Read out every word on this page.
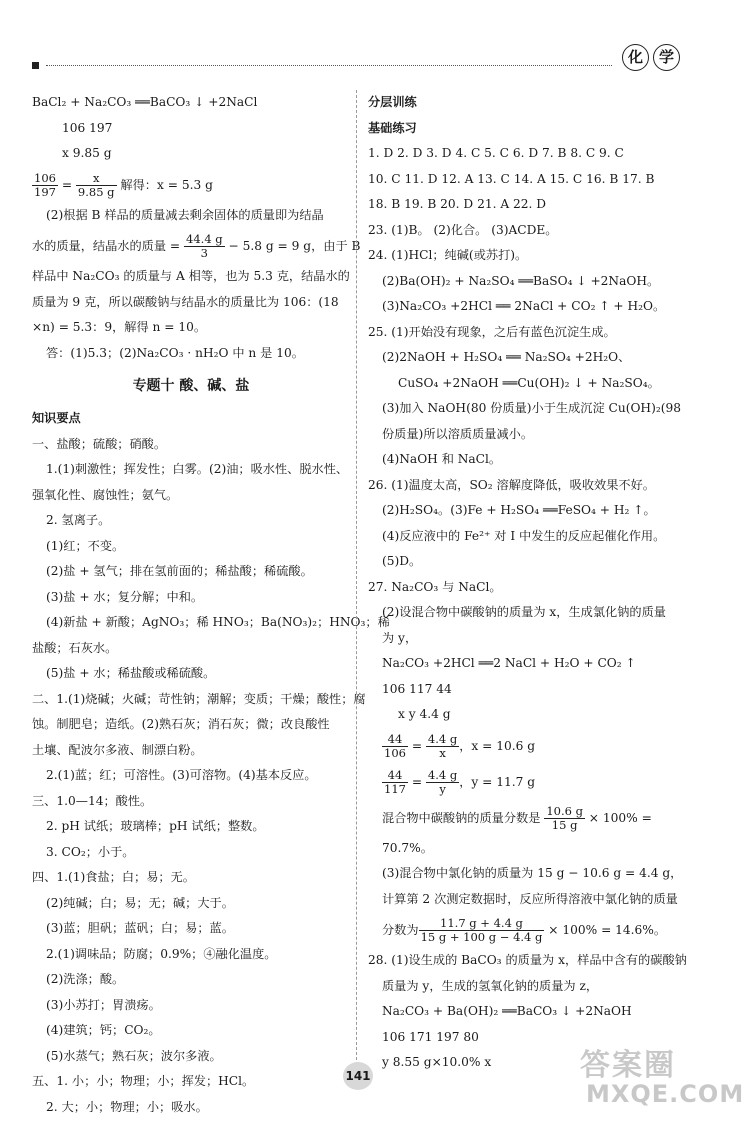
化	学
BaCl₂ + Na₂CO₃ ══BaCO₃ ↓ +2NaCl
106 197
x 9.85 g
$\frac{106}{197} = \frac{x}{9.85 g}$ 解得：x = 5.3 g
(2)根据 B 样品的质量减去剩余固体的质量即为结晶
水的质量，结晶水的质量 = $\frac{44.4 g}{3} - 5.8$ g = 9 g，由于 B
样品中 Na₂CO₃ 的质量与 A 相等，也为 5.3 克，结晶水的
质量为 9 克，所以碳酸钠与结晶水的质量比为 106：(18
×n) = 5.3：9，解得 n = 10。
答：(1)5.3；(2)Na₂CO₃ · nH₂O 中 n 是 10。
专题十 酸、碱、盐
知识要点
一、盐酸；硫酸；硝酸。
1.(1)刺激性；挥发性；白雾。(2)油；吸水性、脱水性、
强氧化性、腐蚀性；氨气。
2. 氢离子。
(1)红；不变。
(2)盐 + 氢气；排在氢前面的；稀盐酸；稀硫酸。
(3)盐 + 水；复分解；中和。
(4)新盐 + 新酸；AgNO₃；稀 HNO₃；Ba(NO₃)₂；HNO₃；稀
盐酸；石灰水。
(5)盐 + 水；稀盐酸或稀硫酸。
二、1.(1)烧碱；火碱；苛性钠；潮解；变质；干燥；酸性；腐
蚀。制肥皂；造纸。(2)熟石灰；消石灰；微；改良酸性
土壤、配波尔多液、制漂白粉。
2.(1)蓝；红；可溶性。(3)可溶物。(4)基本反应。
三、1.0—14；酸性。
2. pH 试纸；玻璃棒；pH 试纸；整数。
3. CO₂；小于。
四、1.(1)食盐；白；易；无。
(2)纯碱；白；易；无；碱；大于。
(3)蓝；胆矾；蓝矾；白；易；蓝。
2.(1)调味品；防腐；0.9%；④融化温度。
(2)洗涤；酸。
(3)小苏打；胃溃疡。
(4)建筑；钙；CO₂。
(5)水蒸气；熟石灰；波尔多液。
五、1. 小；小；物理；小；挥发；HCl。
2. 大；小；物理；小；吸水。
分层训练
基础练习
1. D 2. D 3. D 4. C 5. C 6. D 7. B 8. C 9. C
10. C 11. D 12. A 13. C 14. A 15. C 16. B 17. B
18. B 19. B 20. D 21. A 22. D
23. (1)B。 (2)化合。 (3)ACDE。
24. (1)HCl；纯碱(或苏打)。
(2)Ba(OH)₂ + Na₂SO₄ ══BaSO₄ ↓ +2NaOH。
(3)Na₂CO₃ +2HCl ══ 2NaCl + CO₂ ↑ + H₂O。
25. (1)开始没有现象，之后有蓝色沉淀生成。
(2)2NaOH + H₂SO₄ ══ Na₂SO₄ +2H₂O、
CuSO₄ +2NaOH ══Cu(OH)₂ ↓ + Na₂SO₄。
(3)加入 NaOH(80 份质量)小于生成沉淀 Cu(OH)₂(98
份质量)所以溶质质量减小。
(4)NaOH 和 NaCl。
26. (1)温度太高，SO₂ 溶解度降低，吸收效果不好。
(2)H₂SO₄。(3)Fe + H₂SO₄ ══FeSO₄ + H₂ ↑。
(4)反应液中的 Fe²⁺ 对 I 中发生的反应起催化作用。
(5)D。
27. Na₂CO₃ 与 NaCl。
(2)设混合物中碳酸钠的质量为 x，生成氯化钠的质量
为 y，
Na₂CO₃ +2HCl ══2 NaCl + H₂O + CO₂ ↑
106 117 44
x y 4.4 g
$\frac{44}{106} = \frac{4.4 g}{x}$ ，x = 10.6 g
$\frac{44}{117} = \frac{4.4 g}{y}$ ，y = 11.7 g
混合物中碳酸钠的质量分数是 $\frac{10.6 g}{15 g} \times 100\%$ =
70.7%。
(3)混合物中氯化钠的质量为 15 g − 10.6 g = 4.4 g，
计算第 2 次测定数据时，反应所得溶液中氯化钠的质量
分数为 $\frac{11.7 g + 4.4 g}{15 g + 100 g - 4.4 g} \times 100\% = 14.6\%$。
28. (1)设生成的 BaCO₃ 的质量为 x，样品中含有的碳酸钠
质量为 y，生成的氢氧化钠的质量为 z，
Na₂CO₃ + Ba(OH)₂ ══BaCO₃ ↓ +2NaOH
106 171 197 80
y 8.55 g×10.0% x
141	答案圈
MXQE.COM
